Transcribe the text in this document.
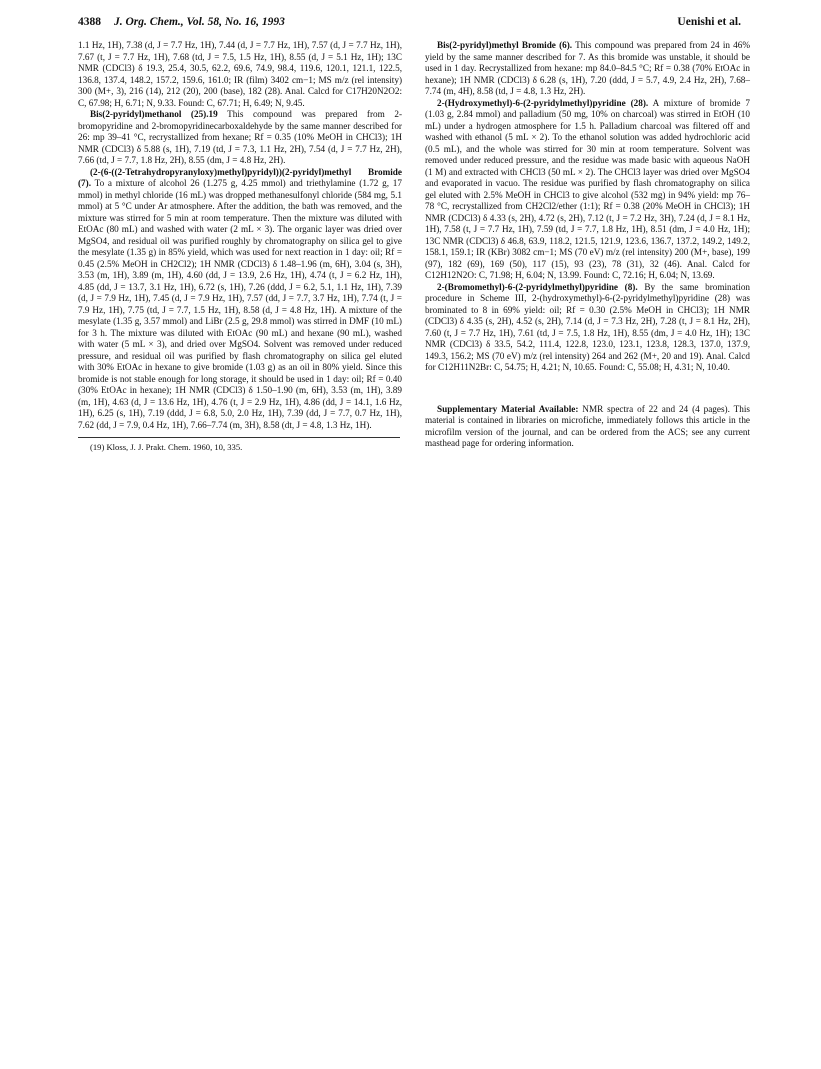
4388 J. Org. Chem., Vol. 58, No. 16, 1993	Uenishi et al.

1.1 Hz, 1H), 7.38 (d, J = 7.7 Hz, 1H), 7.44 (d, J = 7.7 Hz, 1H), 7.57 (d, J = 7.7 Hz, 1H), 7.67 (t, J = 7.7 Hz, 1H), 7.68 (td, J = 7.5, 1.5 Hz, 1H), 8.55 (d, J = 5.1 Hz, 1H); 13C NMR (CDCl3) δ 19.3, 25.4, 30.5, 62.2, 69.6, 74.9, 98.4, 119.6, 120.1, 121.1, 122.5, 136.8, 137.4, 148.2, 157.2, 159.6, 161.0; IR (film) 3402 cm−1; MS m/z (rel intensity) 300 (M+, 3), 216 (14), 212 (20), 200 (base), 182 (28). Anal. Calcd for C17H20N2O2: C, 67.98; H, 6.71; N, 9.33. Found: C, 67.71; H, 6.49; N, 9.45.

Bis(2-pyridyl)methanol (25).19 This compound was prepared from 2-bromopyridine and 2-bromopyridinecarboxaldehyde by the same manner described for 26: mp 39–41 °C, recrystallized from hexane; Rf = 0.35 (10% MeOH in CHCl3); 1H NMR (CDCl3) δ 5.88 (s, 1H), 7.19 (td, J = 7.3, 1.1 Hz, 2H), 7.54 (d, J = 7.7 Hz, 2H), 7.66 (td, J = 7.7, 1.8 Hz, 2H), 8.55 (dm, J = 4.8 Hz, 2H).

(2-(6-((2-Tetrahydropyranyloxy)methyl)pyridyl))(2-pyridyl)methyl Bromide (7). To a mixture of alcohol 26 (1.275 g, 4.25 mmol) and triethylamine (1.72 g, 17 mmol) in methyl chloride (16 mL) was dropped methanesulfonyl chloride (584 mg, 5.1 mmol) at 5 °C under Ar atmosphere. After the addition, the bath was removed, and the mixture was stirred for 5 min at room temperature. Then the mixture was diluted with EtOAc (80 mL) and washed with water (2 mL × 3). The organic layer was dried over MgSO4, and residual oil was purified roughly by chromatography on silica gel to give the mesylate (1.35 g) in 85% yield, which was used for next reaction in 1 day: oil; Rf = 0.45 (2.5% MeOH in CH2Cl2); 1H NMR (CDCl3) δ 1.48–1.96 (m, 6H), 3.04 (s, 3H), 3.53 (m, 1H), 3.89 (m, 1H), 4.60 (dd, J = 13.9, 2.6 Hz, 1H), 4.74 (t, J = 6.2 Hz, 1H), 4.85 (dd, J = 13.7, 3.1 Hz, 1H), 6.72 (s, 1H), 7.26 (ddd, J = 6.2, 5.1, 1.1 Hz, 1H), 7.39 (d, J = 7.9 Hz, 1H), 7.45 (d, J = 7.9 Hz, 1H), 7.57 (dd, J = 7.7, 3.7 Hz, 1H), 7.74 (t, J = 7.9 Hz, 1H), 7.75 (td, J = 7.7, 1.5 Hz, 1H), 8.58 (d, J = 4.8 Hz, 1H). A mixture of the mesylate (1.35 g, 3.57 mmol) and LiBr (2.5 g, 29.8 mmol) was stirred in DMF (10 mL) for 3 h. The mixture was diluted with EtOAc (90 mL) and hexane (90 mL), washed with water (5 mL × 3), and dried over MgSO4. Solvent was removed under reduced pressure, and residual oil was purified by flash chromatography on silica gel eluted with 30% EtOAc in hexane to give bromide (1.03 g) as an oil in 80% yield. Since this bromide is not stable enough for long storage, it should be used in 1 day: oil; Rf = 0.40 (30% EtOAc in hexane); 1H NMR (CDCl3) δ 1.50–1.90 (m, 6H), 3.53 (m, 1H), 3.89 (m, 1H), 4.63 (d, J = 13.6 Hz, 1H), 4.76 (t, J = 2.9 Hz, 1H), 4.86 (dd, J = 14.1, 1.6 Hz, 1H), 6.25 (s, 1H), 7.19 (ddd, J = 6.8, 5.0, 2.0 Hz, 1H), 7.39 (dd, J = 7.7, 0.7 Hz, 1H), 7.62 (dd, J = 7.9, 0.4 Hz, 1H), 7.66–7.74 (m, 3H), 8.58 (dt, J = 4.8, 1.3 Hz, 1H).

(19) Kloss, J. J. Prakt. Chem. 1960, 10, 335.

Bis(2-pyridyl)methyl Bromide (6). This compound was prepared from 24 in 46% yield by the same manner described for 7. As this bromide was unstable, it should be used in 1 day. Recrystallized from hexane: mp 84.0–84.5 °C; Rf = 0.38 (70% EtOAc in hexane); 1H NMR (CDCl3) δ 6.28 (s, 1H), 7.20 (ddd, J = 5.7, 4.9, 2.4 Hz, 2H), 7.68–7.74 (m, 4H), 8.58 (td, J = 4.8, 1.3 Hz, 2H).

2-(Hydroxymethyl)-6-(2-pyridylmethyl)pyridine (28). A mixture of bromide 7 (1.03 g, 2.84 mmol) and palladium (50 mg, 10% on charcoal) was stirred in EtOH (10 mL) under a hydrogen atmosphere for 1.5 h. Palladium charcoal was filtered off and washed with ethanol (5 mL × 2). To the ethanol solution was added hydrochloric acid (0.5 mL), and the whole was stirred for 30 min at room temperature. Solvent was removed under reduced pressure, and the residue was made basic with aqueous NaOH (1 M) and extracted with CHCl3 (50 mL × 2). The CHCl3 layer was dried over MgSO4 and evaporated in vacuo. The residue was purified by flash chromatography on silica gel eluted with 2.5% MeOH in CHCl3 to give alcohol (532 mg) in 94% yield: mp 76–78 °C, recrystallized from CH2Cl2/ether (1:1); Rf = 0.38 (20% MeOH in CHCl3); 1H NMR (CDCl3) δ 4.33 (s, 2H), 4.72 (s, 2H), 7.12 (t, J = 7.2 Hz, 3H), 7.24 (d, J = 8.1 Hz, 1H), 7.58 (t, J = 7.7 Hz, 1H), 7.59 (td, J = 7.7, 1.8 Hz, 1H), 8.51 (dm, J = 4.0 Hz, 1H); 13C NMR (CDCl3) δ 46.8, 63.9, 118.2, 121.5, 121.9, 123.6, 136.7, 137.2, 149.2, 149.2, 158.1, 159.1; IR (KBr) 3082 cm−1; MS (70 eV) m/z (rel intensity) 200 (M+, base), 199 (97), 182 (69), 169 (50), 117 (15), 93 (23), 78 (31), 32 (46). Anal. Calcd for C12H12N2O: C, 71.98; H, 6.04; N, 13.99. Found: C, 72.16; H, 6.04; N, 13.69.

2-(Bromomethyl)-6-(2-pyridylmethyl)pyridine (8). By the same bromination procedure in Scheme III, 2-(hydroxymethyl)-6-(2-pyridylmethyl)pyridine (28) was brominated to 8 in 69% yield: oil; Rf = 0.30 (2.5% MeOH in CHCl3); 1H NMR (CDCl3) δ 4.35 (s, 2H), 4.52 (s, 2H), 7.14 (d, J = 7.3 Hz, 2H), 7.28 (t, J = 8.1 Hz, 2H), 7.60 (t, J = 7.7 Hz, 1H), 7.61 (td, J = 7.5, 1.8 Hz, 1H), 8.55 (dm, J = 4.0 Hz, 1H); 13C NMR (CDCl3) δ 33.5, 54.2, 111.4, 122.8, 123.0, 123.1, 123.8, 128.3, 137.0, 137.9, 149.3, 156.2; MS (70 eV) m/z (rel intensity) 264 and 262 (M+, 20 and 19). Anal. Calcd for C12H11N2Br: C, 54.75; H, 4.21; N, 10.65. Found: C, 55.08; H, 4.31; N, 10.40.

Supplementary Material Available: NMR spectra of 22 and 24 (4 pages). This material is contained in libraries on microfiche, immediately follows this article in the microfilm version of the journal, and can be ordered from the ACS; see any current masthead page for ordering information.
